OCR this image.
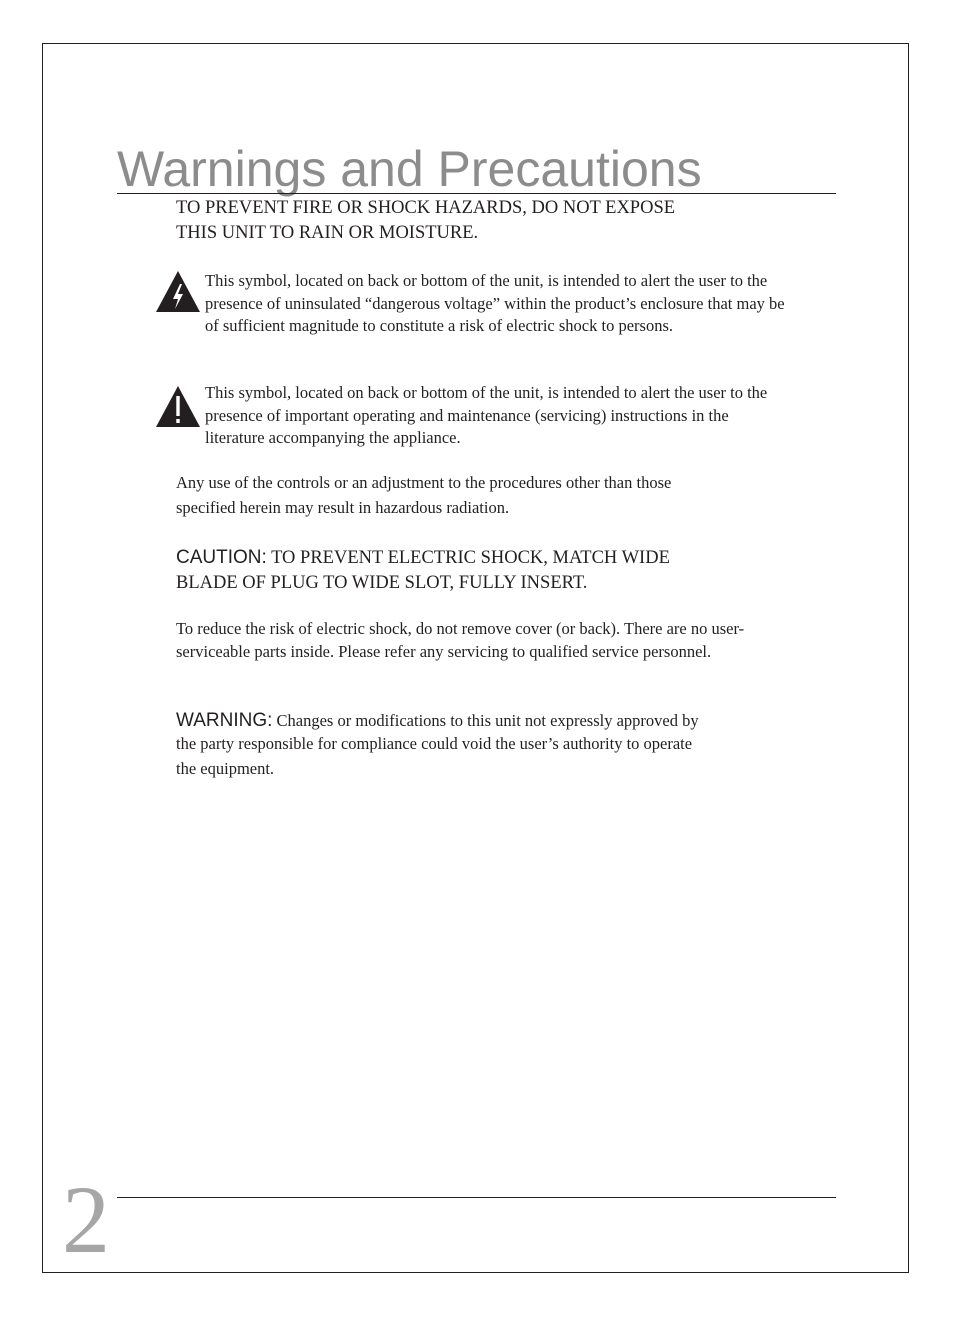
Warnings and Precautions

TO PREVENT FIRE OR SHOCK HAZARDS, DO NOT EXPOSE
THIS UNIT TO RAIN OR MOISTURE.

This symbol, located on back or bottom of the unit, is intended to alert the user to the presence of uninsulated “dangerous voltage” within the product’s enclosure that may be of sufficient magnitude to constitute a risk of electric shock to persons.

This symbol, located on back or bottom of the unit, is intended to alert the user to the presence of important operating and maintenance (servicing) instructions in the literature accompanying the appliance.

Any use of the controls or an adjustment to the procedures other than those
specified herein may result in hazardous radiation.

CAUTION: TO PREVENT ELECTRIC SHOCK, MATCH WIDE
BLADE OF PLUG TO WIDE SLOT, FULLY INSERT.

To reduce the risk of electric shock, do not remove cover (or back). There are no user-serviceable parts inside. Please refer any servicing to qualified service personnel.

WARNING: Changes or modifications to this unit not expressly approved by
the party responsible for compliance could void the user’s authority to operate
the equipment.

2
